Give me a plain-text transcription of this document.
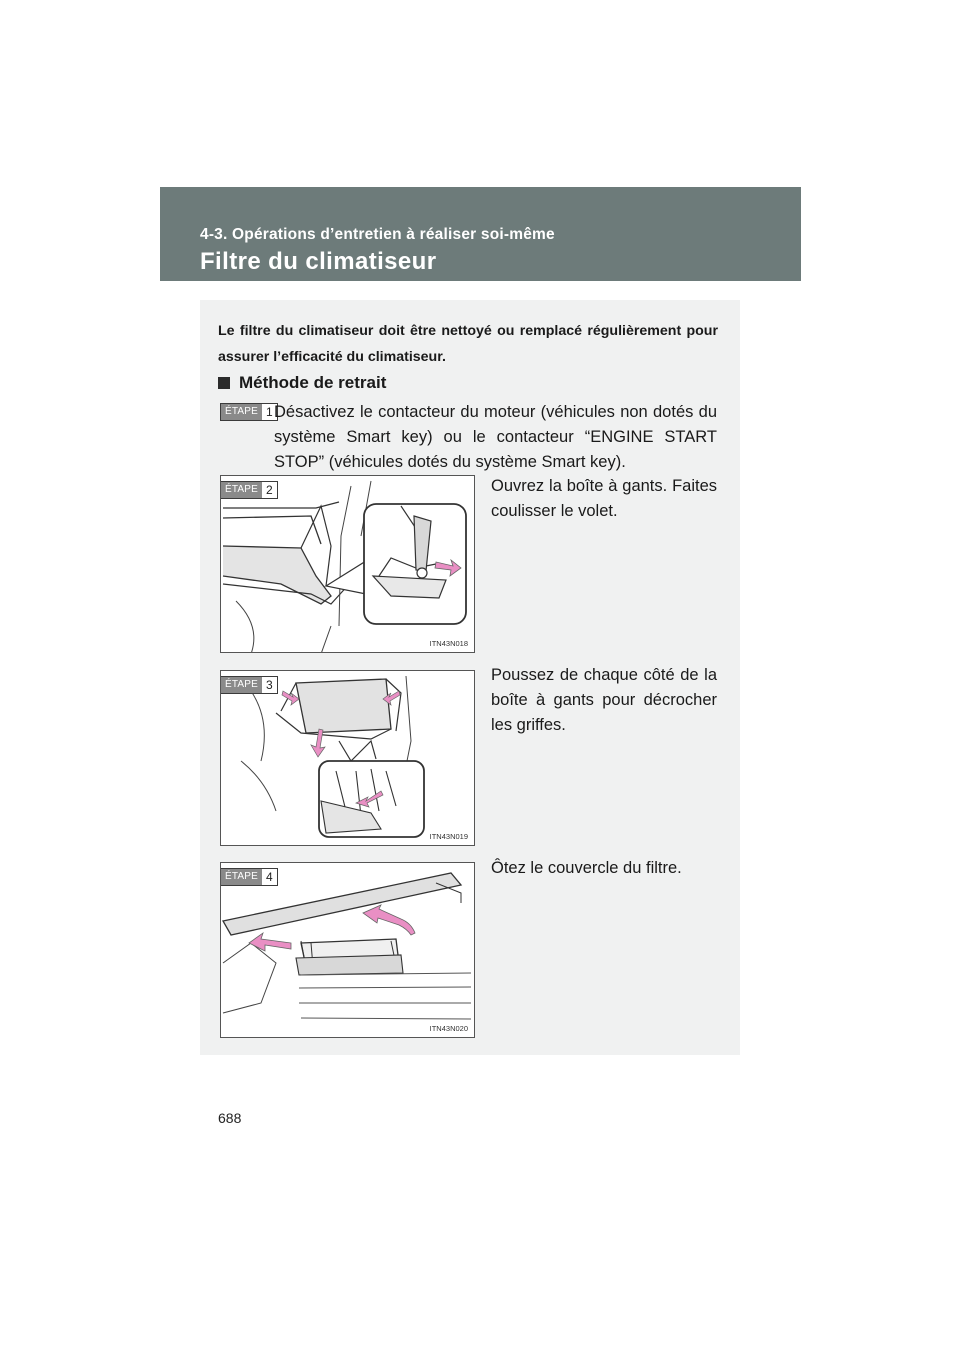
4-3. Opérations d’entretien à réaliser soi-même
Filtre du climatiseur
Le filtre du climatiseur doit être nettoyé ou remplacé régulièrement pour assurer l’efficacité du climatiseur.
Méthode de retrait
ÉTAPE 1 Désactivez le contacteur du moteur (véhicules non dotés du système Smart key) ou le contacteur “ENGINE START STOP” (véhicules dotés du système Smart key).
ÉTAPE 2
ITN43N018
Ouvrez la boîte à gants. Faites coulisser le volet.
ÉTAPE 3
ITN43N019
Poussez de chaque côté de la boîte à gants pour décrocher les griffes.
ÉTAPE 4
ITN43N020
Ôtez le couvercle du filtre.
688
